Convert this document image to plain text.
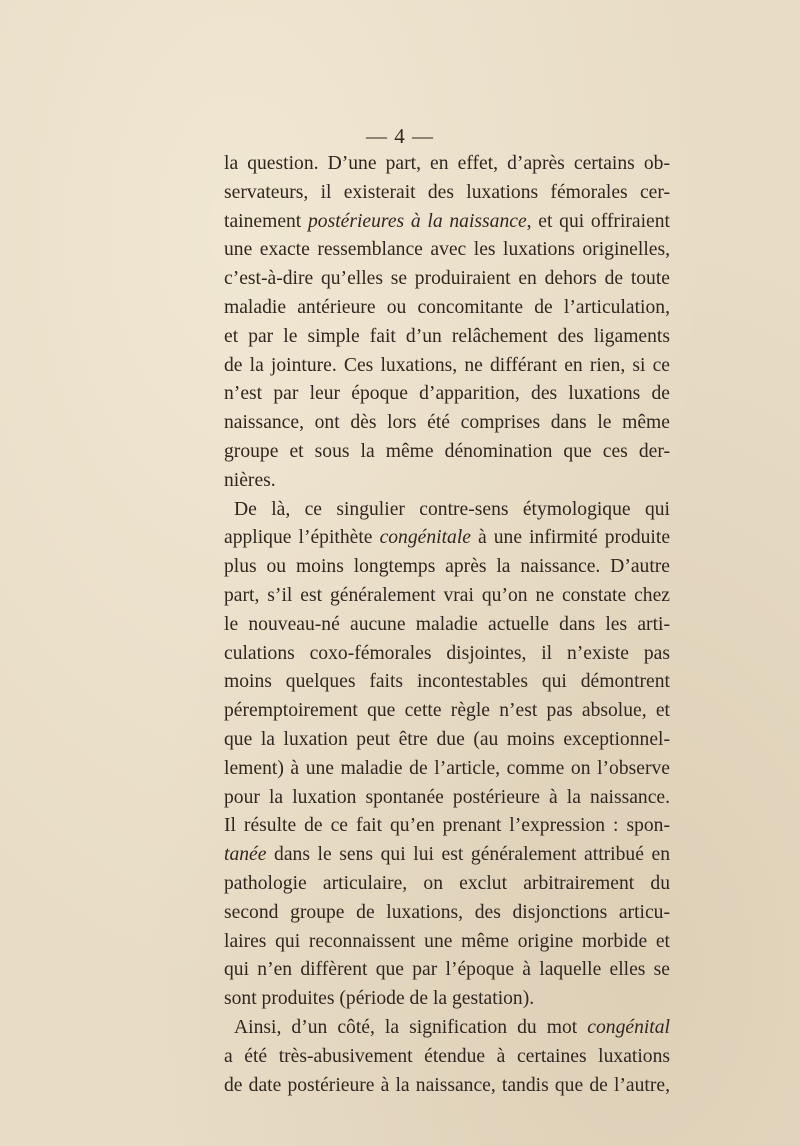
— 4 —
la question. D’une part, en effet, d’après certains ob-
servateurs, il existerait des luxations fémorales cer-
tainement postérieures à la naissance, et qui offriraient
une exacte ressemblance avec les luxations originelles,
c’est-à-dire qu’elles se produiraient en dehors de toute
maladie antérieure ou concomitante de l’articulation,
et par le simple fait d’un relâchement des ligaments
de la jointure. Ces luxations, ne différant en rien, si ce
n’est par leur époque d’apparition, des luxations de
naissance, ont dès lors été comprises dans le même
groupe et sous la même dénomination que ces der-
nières.
De là, ce singulier contre-sens étymologique qui
applique l’épithète congénitale à une infirmité produite
plus ou moins longtemps après la naissance. D’autre
part, s’il est généralement vrai qu’on ne constate chez
le nouveau-né aucune maladie actuelle dans les arti-
culations coxo-fémorales disjointes, il n’existe pas
moins quelques faits incontestables qui démontrent
péremptoirement que cette règle n’est pas absolue, et
que la luxation peut être due (au moins exceptionnel-
lement) à une maladie de l’article, comme on l’observe
pour la luxation spontanée postérieure à la naissance.
Il résulte de ce fait qu’en prenant l’expression : spon-
tanée dans le sens qui lui est généralement attribué en
pathologie articulaire, on exclut arbitrairement du
second groupe de luxations, des disjonctions articu-
laires qui reconnaissent une même origine morbide et
qui n’en diffèrent que par l’époque à laquelle elles se
sont produites (période de la gestation).
Ainsi, d’un côté, la signification du mot congénital
a été très-abusivement étendue à certaines luxations
de date postérieure à la naissance, tandis que de l’autre,
